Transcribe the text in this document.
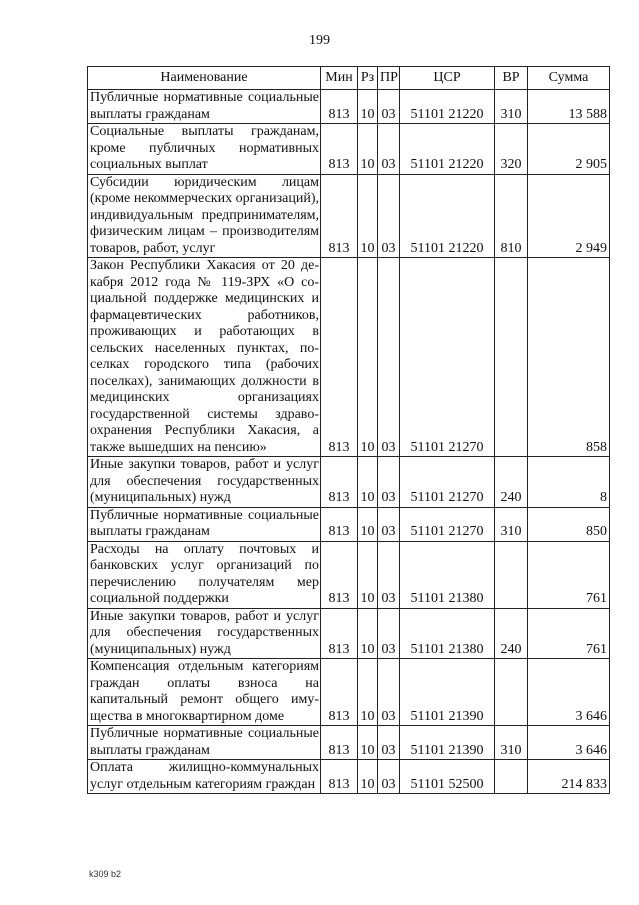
199
Наименование	Мин	Рз	ПР	ЦСР	ВР	Сумма
Публичные нормативные социальные выплаты гражданам	813	10	03	51101 21220	310	13 588
Социальные выплаты гражданам, кроме публичных нормативных социальных выплат	813	10	03	51101 21220	320	2 905
Субсидии юридическим лицам (кроме некоммерческих организаций), индивидуальным предпринимателям, физическим лицам – производителям товаров, работ, услуг	813	10	03	51101 21220	810	2 949
Закон Республики Хакасия от 20 декабря 2012 года № 119-ЗРХ «О социальной поддержке медицинских и фармацевтических работников, проживающих и работающих в сельских населенных пунктах, поселках городского типа (рабочих поселках), занимающих должности в медицинских организациях государственной системы здравоохранения Республики Хакасия, а также вышедших на пенсию»	813	10	03	51101 21270		858
Иные закупки товаров, работ и услуг для обеспечения государственных (муниципальных) нужд	813	10	03	51101 21270	240	8
Публичные нормативные социальные выплаты гражданам	813	10	03	51101 21270	310	850
Расходы на оплату почтовых и банковских услуг организаций по перечислению получателям мер социальной поддержки	813	10	03	51101 21380		761
Иные закупки товаров, работ и услуг для обеспечения государственных (муниципальных) нужд	813	10	03	51101 21380	240	761
Компенсация отдельным категориям граждан оплаты взноса на капитальный ремонт общего имущества в многоквартирном доме	813	10	03	51101 21390		3 646
Публичные нормативные социальные выплаты гражданам	813	10	03	51101 21390	310	3 646
Оплата жилищно-коммунальных услуг отдельным категориям граждан	813	10	03	51101 52500		214 833
k309 b2
